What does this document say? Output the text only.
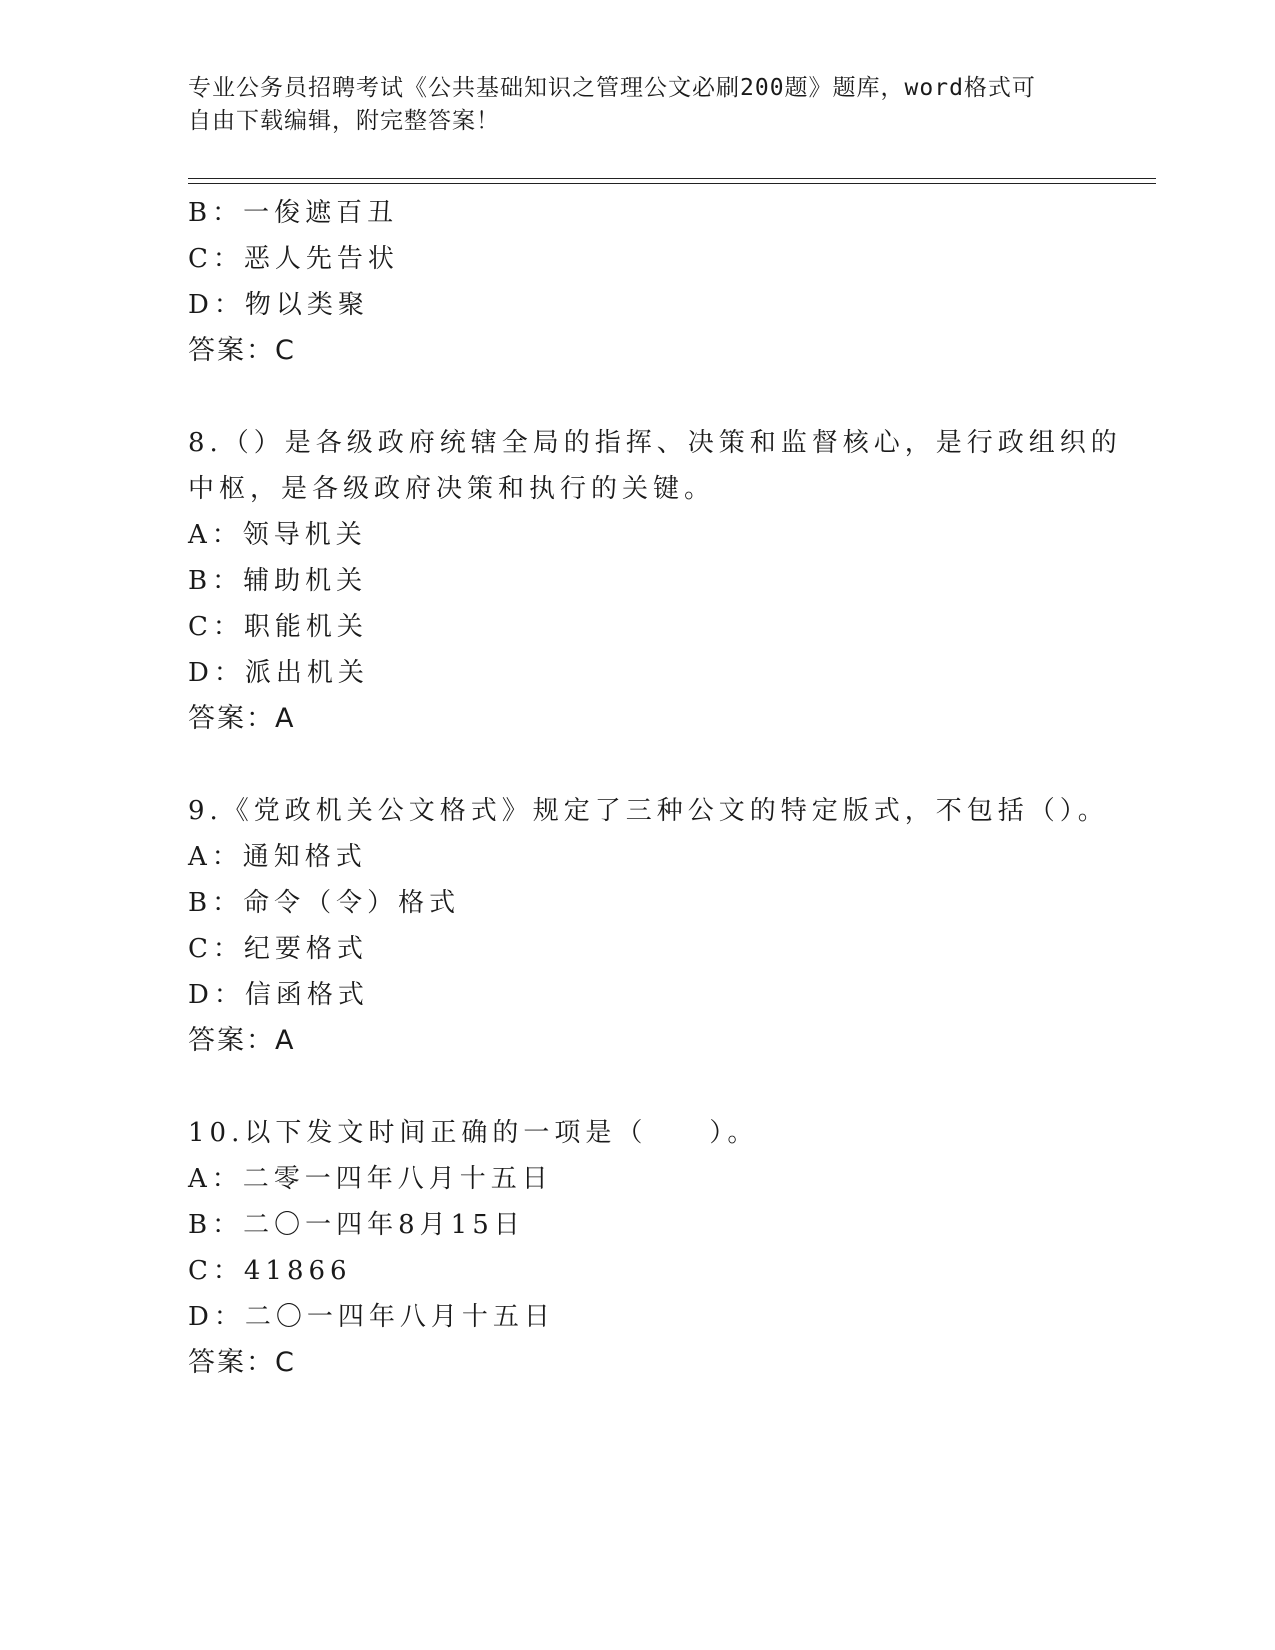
专业公务员招聘考试《公共基础知识之管理公文必刷200题》题库，word格式可
自由下载编辑，附完整答案！
B：一俊遮百丑
C：恶人先告状
D：物以类聚
答案：C
8.（）是各级政府统辖全局的指挥、决策和监督核心，是行政组织的
中枢，是各级政府决策和执行的关键。
A：领导机关
B：辅助机关
C：职能机关
D：派出机关
答案：A
9.《党政机关公文格式》规定了三种公文的特定版式，不包括（）。
A：通知格式
B：命令（令）格式
C：纪要格式
D：信函格式
答案：A
10.以下发文时间正确的一项是（　　）。
A：二零一四年八月十五日
B：二〇一四年8月15日
C：41866
D：二〇一四年八月十五日
答案：C
